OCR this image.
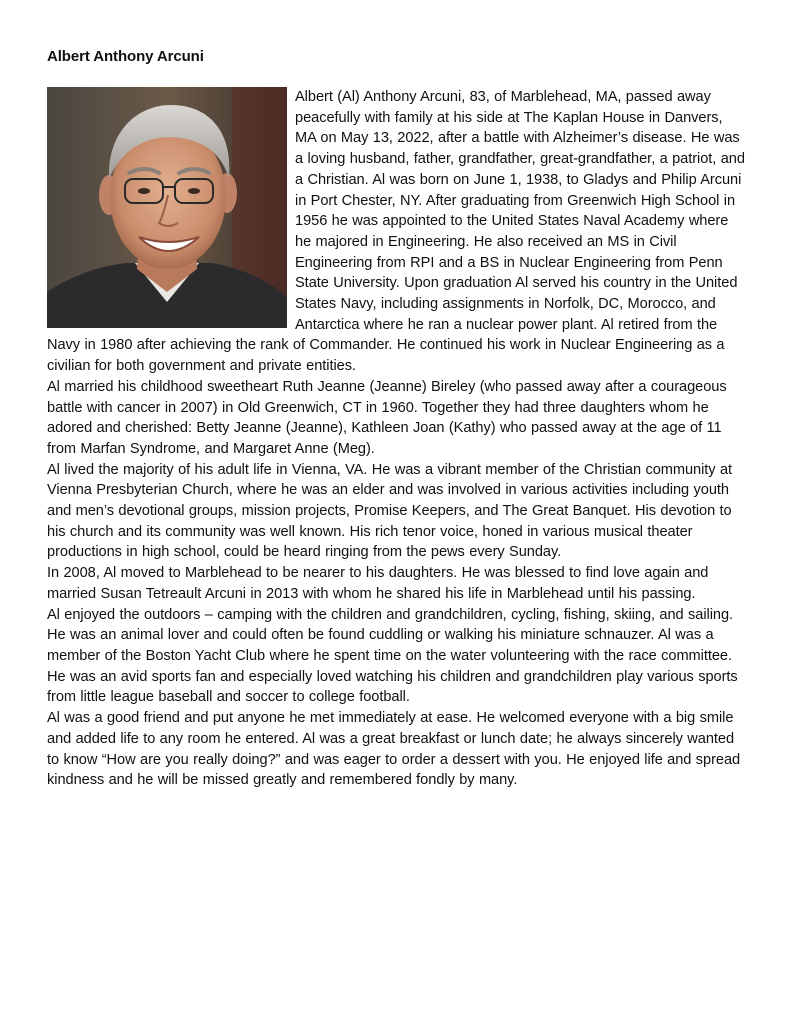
Albert Anthony Arcuni

Albert (Al) Anthony Arcuni, 83, of Marblehead, MA, passed away peacefully with family at his side at The Kaplan House in Danvers, MA on May 13, 2022, after a battle with Alzheimer’s disease. He was a loving husband, father, grandfather, great-grandfather, a patriot, and a Christian. Al was born on June 1, 1938, to Gladys and Philip Arcuni in Port Chester, NY. After graduating from Greenwich High School in 1956 he was appointed to the United States Naval Academy where he majored in Engineering. He also received an MS in Civil Engineering from RPI and a BS in Nuclear Engineering from Penn State University. Upon graduation Al served his country in the United States Navy, including assignments in Norfolk, DC, Morocco, and Antarctica where he ran a nuclear power plant. Al retired from the Navy in 1980 after achieving the rank of Commander. He continued his work in Nuclear Engineering as a civilian for both government and private entities.

Al married his childhood sweetheart Ruth Jeanne (Jeanne) Bireley (who passed away after a courageous battle with cancer in 2007) in Old Greenwich, CT in 1960. Together they had three daughters whom he adored and cherished: Betty Jeanne (Jeanne), Kathleen Joan (Kathy) who passed away at the age of 11 from Marfan Syndrome, and Margaret Anne (Meg).

Al lived the majority of his adult life in Vienna, VA. He was a vibrant member of the Christian community at Vienna Presbyterian Church, where he was an elder and was involved in various activities including youth and men’s devotional groups, mission projects, Promise Keepers, and The Great Banquet. His devotion to his church and its community was well known. His rich tenor voice, honed in various musical theater productions in high school, could be heard ringing from the pews every Sunday.

In 2008, Al moved to Marblehead to be nearer to his daughters. He was blessed to find love again and married Susan Tetreault Arcuni in 2013 with whom he shared his life in Marblehead until his passing.

Al enjoyed the outdoors – camping with the children and grandchildren, cycling, fishing, skiing, and sailing. He was an animal lover and could often be found cuddling or walking his miniature schnauzer. Al was a member of the Boston Yacht Club where he spent time on the water volunteering with the race committee. He was an avid sports fan and especially loved watching his children and grandchildren play various sports from little league baseball and soccer to college football.

Al was a good friend and put anyone he met immediately at ease. He welcomed everyone with a big smile and added life to any room he entered. Al was a great breakfast or lunch date; he always sincerely wanted to know “How are you really doing?” and was eager to order a dessert with you. He enjoyed life and spread kindness and he will be missed greatly and remembered fondly by many.
